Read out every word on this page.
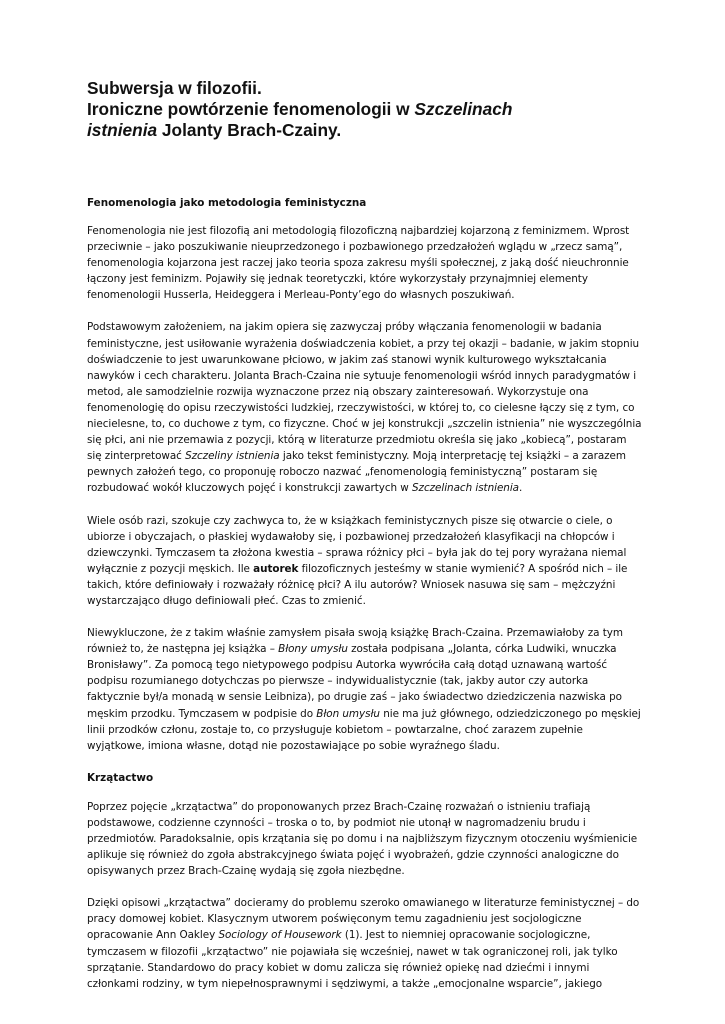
Subwersja w filozofii.
Ironiczne powtórzenie fenomenologii w Szczelinach
istnienia Jolanty Brach-Czainy.
Fenomenologia jako metodologia feministyczna

Fenomenologia nie jest filozofią ani metodologią filozoficzną najbardziej kojarzoną z feminizmem. Wprost przeciwnie – jako poszukiwanie nieuprzedzonego i pozbawionego przedzałożeń wglądu w „rzecz samą”, fenomenologia kojarzona jest raczej jako teoria spoza zakresu myśli społecznej, z jaką dość nieuchronnie łączony jest feminizm. Pojawiły się jednak teoretyczki, które wykorzystały przynajmniej elementy fenomenologii Husserla, Heideggera i Merleau-Ponty’ego do własnych poszukiwań.

Podstawowym założeniem, na jakim opiera się zazwyczaj próby włączania fenomenologii w badania feministyczne, jest usiłowanie wyrażenia doświadczenia kobiet, a przy tej okazji – badanie, w jakim stopniu doświadczenie to jest uwarunkowane płciowo, w jakim zaś stanowi wynik kulturowego wykształcania nawyków i cech charakteru. Jolanta Brach-Czaina nie sytuuje fenomenologii wśród innych paradygmatów i metod, ale samodzielnie rozwija wyznaczone przez nią obszary zainteresowań. Wykorzystuje ona fenomenologię do opisu rzeczywistości ludzkiej, rzeczywistości, w której to, co cielesne łączy się z tym, co niecielesne, to, co duchowe z tym, co fizyczne. Choć w jej konstrukcji „szczelin istnienia” nie wyszczególnia się płci, ani nie przemawia z pozycji, którą w literaturze przedmiotu określa się jako „kobiecą”, postaram się zinterpretować Szczeliny istnienia jako tekst feministyczny. Moją interpretację tej książki – a zarazem pewnych założeń tego, co proponuję roboczo nazwać „fenomenologią feministyczną” postaram się rozbudować wokół kluczowych pojęć i konstrukcji zawartych w Szczelinach istnienia.

Wiele osób razi, szokuje czy zachwyca to, że w książkach feministycznych pisze się otwarcie o ciele, o ubiorze i obyczajach, o płaskiej wydawałoby się, i pozbawionej przedzałożeń klasyfikacji na chłopców i dziewczynki. Tymczasem ta złożona kwestia – sprawa różnicy płci – była jak do tej pory wyrażana niemal wyłącznie z pozycji męskich. Ile autorek filozoficznych jesteśmy w stanie wymienić? A spośród nich – ile takich, które definiowały i rozważały różnicę płci? A ilu autorów? Wniosek nasuwa się sam – mężczyźni wystarczająco długo definiowali płeć. Czas to zmienić.

Niewykluczone, że z takim właśnie zamysłem pisała swoją książkę Brach-Czaina. Przemawiałoby za tym również to, że następna jej książka – Błony umysłu została podpisana „Jolanta, córka Ludwiki, wnuczka Bronisławy”. Za pomocą tego nietypowego podpisu Autorka wywróciła całą dotąd uznawaną wartość podpisu rozumianego dotychczas po pierwsze – indywidualistycznie (tak, jakby autor czy autorka faktycznie był/a monadą w sensie Leibniza), po drugie zaś – jako świadectwo dziedziczenia nazwiska po męskim przodku. Tymczasem w podpisie do Błon umysłu nie ma już głównego, odziedziczonego po męskiej linii przodków członu, zostaje to, co przysługuje kobietom – powtarzalne, choć zarazem zupełnie wyjątkowe, imiona własne, dotąd nie pozostawiające po sobie wyraźnego śladu.

Krzątactwo

Poprzez pojęcie „krzątactwa” do proponowanych przez Brach-Czainę rozważań o istnieniu trafiają podstawowe, codzienne czynności – troska o to, by podmiot nie utonął w nagromadzeniu brudu i przedmiotów. Paradoksalnie, opis krzątania się po domu i na najbliższym fizycznym otoczeniu wyśmienicie aplikuje się również do zgoła abstrakcyjnego świata pojęć i wyobrażeń, gdzie czynności analogiczne do opisywanych przez Brach-Czainę wydają się zgoła niezbędne.

Dzięki opisowi „krzątactwa” docieramy do problemu szeroko omawianego w literaturze feministycznej – do pracy domowej kobiet. Klasycznym utworem poświęconym temu zagadnieniu jest socjologiczne opracowanie Ann Oakley Sociology of Housework (1). Jest to niemniej opracowanie socjologiczne, tymczasem w filozofii „krzątactwo” nie pojawiała się wcześniej, nawet w tak ograniczonej roli, jak tylko sprzątanie. Standardowo do pracy kobiet w domu zalicza się również opiekę nad dziećmi i innymi członkami rodziny, w tym niepełnosprawnymi i sędziwymi, a także „emocjonalne wsparcie”, jakiego
